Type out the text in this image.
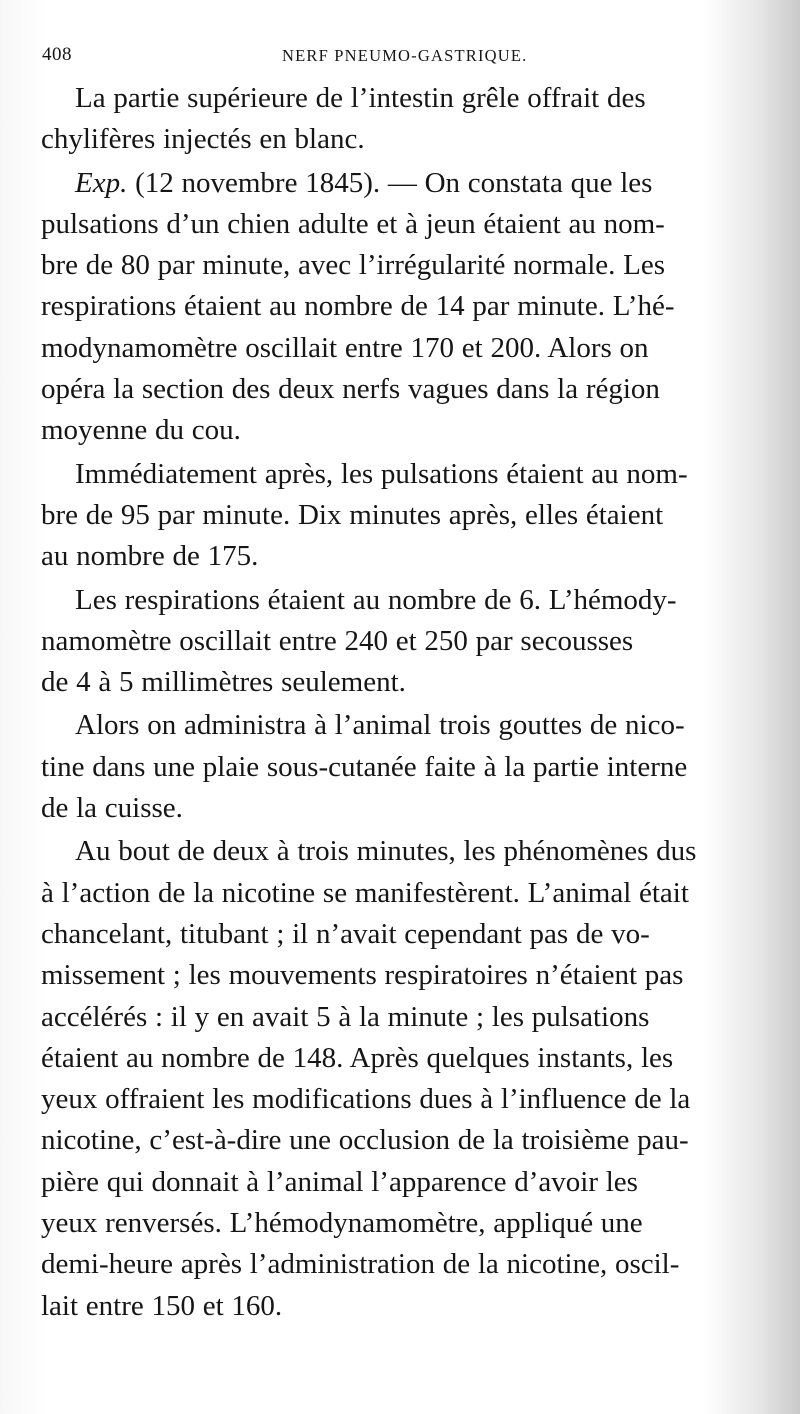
408	NERF PNEUMO-GASTRIQUE.

La partie supérieure de l’intestin grêle offrait des
chylifères injectés en blanc.

Exp. (12 novembre 1845). — On constata que les
pulsations d’un chien adulte et à jeun étaient au nom-
bre de 80 par minute, avec l’irrégularité normale. Les
respirations étaient au nombre de 14 par minute. L’hé-
modynamomètre oscillait entre 170 et 200. Alors on
opéra la section des deux nerfs vagues dans la région
moyenne du cou.

Immédiatement après, les pulsations étaient au nom-
bre de 95 par minute. Dix minutes après, elles étaient
au nombre de 175.

Les respirations étaient au nombre de 6. L’hémody-
namomètre oscillait entre 240 et 250 par secousses
de 4 à 5 millimètres seulement.

Alors on administra à l’animal trois gouttes de nico-
tine dans une plaie sous-cutanée faite à la partie interne
de la cuisse.

Au bout de deux à trois minutes, les phénomènes dus
à l’action de la nicotine se manifestèrent. L’animal était
chancelant, titubant ; il n’avait cependant pas de vo-
missement ; les mouvements respiratoires n’étaient pas
accélérés : il y en avait 5 à la minute ; les pulsations
étaient au nombre de 148. Après quelques instants, les
yeux offraient les modifications dues à l’influence de la
nicotine, c’est-à-dire une occlusion de la troisième pau-
pière qui donnait à l’animal l’apparence d’avoir les
yeux renversés. L’hémodynamomètre, appliqué une
demi-heure après l’administration de la nicotine, oscil-
lait entre 150 et 160.
